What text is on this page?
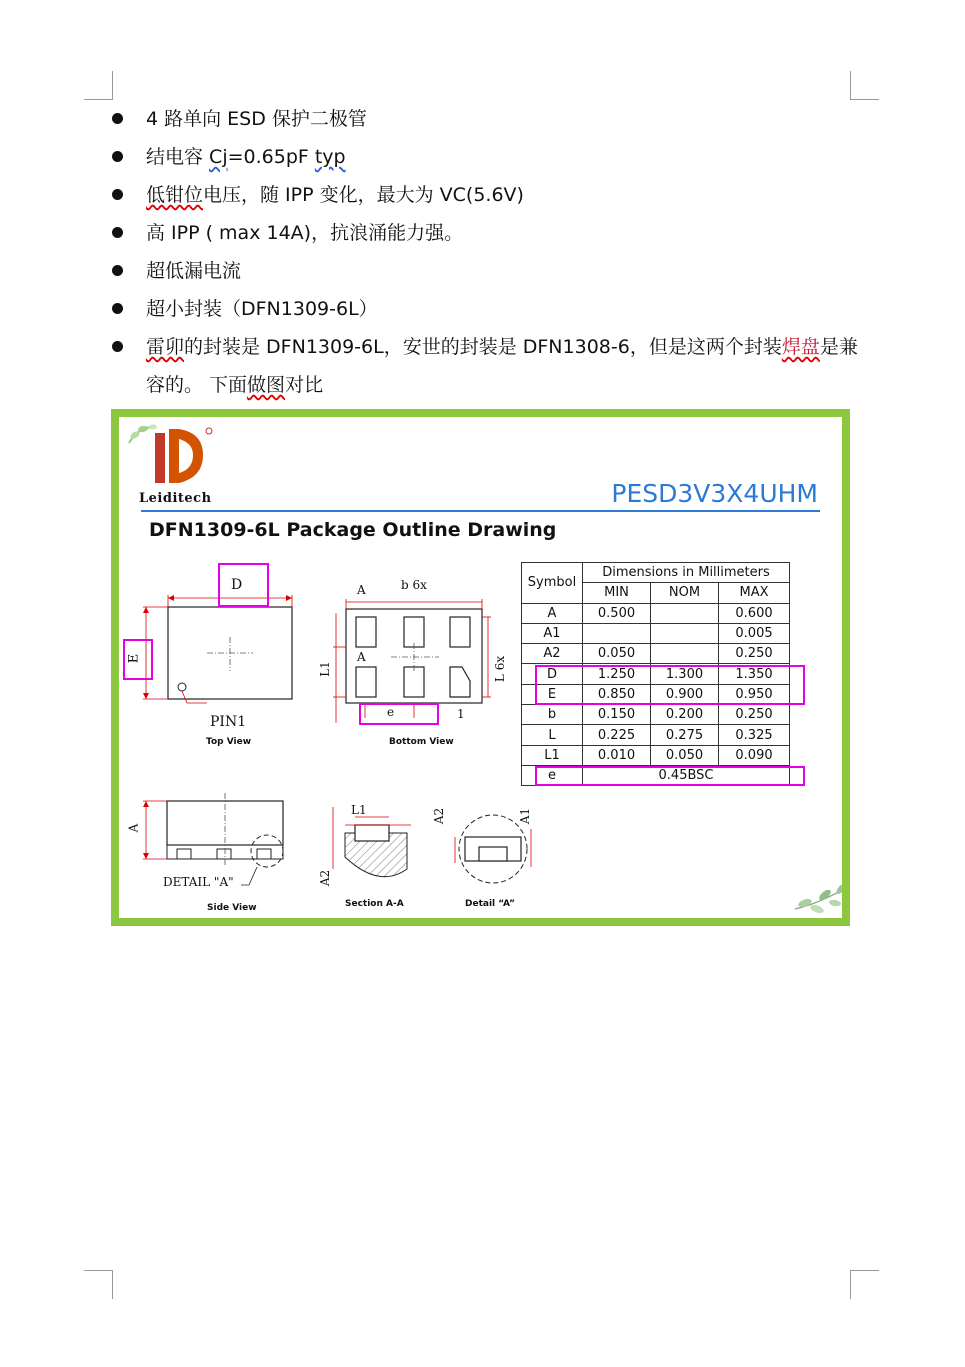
4 路单向 ESD 保护二极管
结电容 Cj=0.65pF typ
低钳位电压，随 IPP 变化，最大为 VC(5.6V)
高 IPP ( max 14A)，抗浪涌能力强。
超低漏电流
超小封装（DFN1309-6L）
雷卯的封装是 DFN1309-6L，安世的封装是 DFN1308-6，但是这两个封装焊盘是兼
容的。 下面做图对比
Leiditech	PESD3V3X4UHM
DFN1309-6L Package Outline Drawing
D
E
PIN1
Top View
b 6x
A
A
L1	L 6x
e	1
Bottom View
Symbol	Dimensions in Millimeters		
	MIN	NOM	MAX
A	0.500		0.600
A1			0.005
A2	0.050		0.250
D	1.250	1.300	1.350
E	0.850	0.900	0.950
b	0.150	0.200	0.250
L	0.225	0.275	0.325
L1	0.010	0.050	0.090
e	0.45BSC		
A
DETAIL "A"
Side View
L1
A2
A2
Section A-A
A1
Detail “A”
